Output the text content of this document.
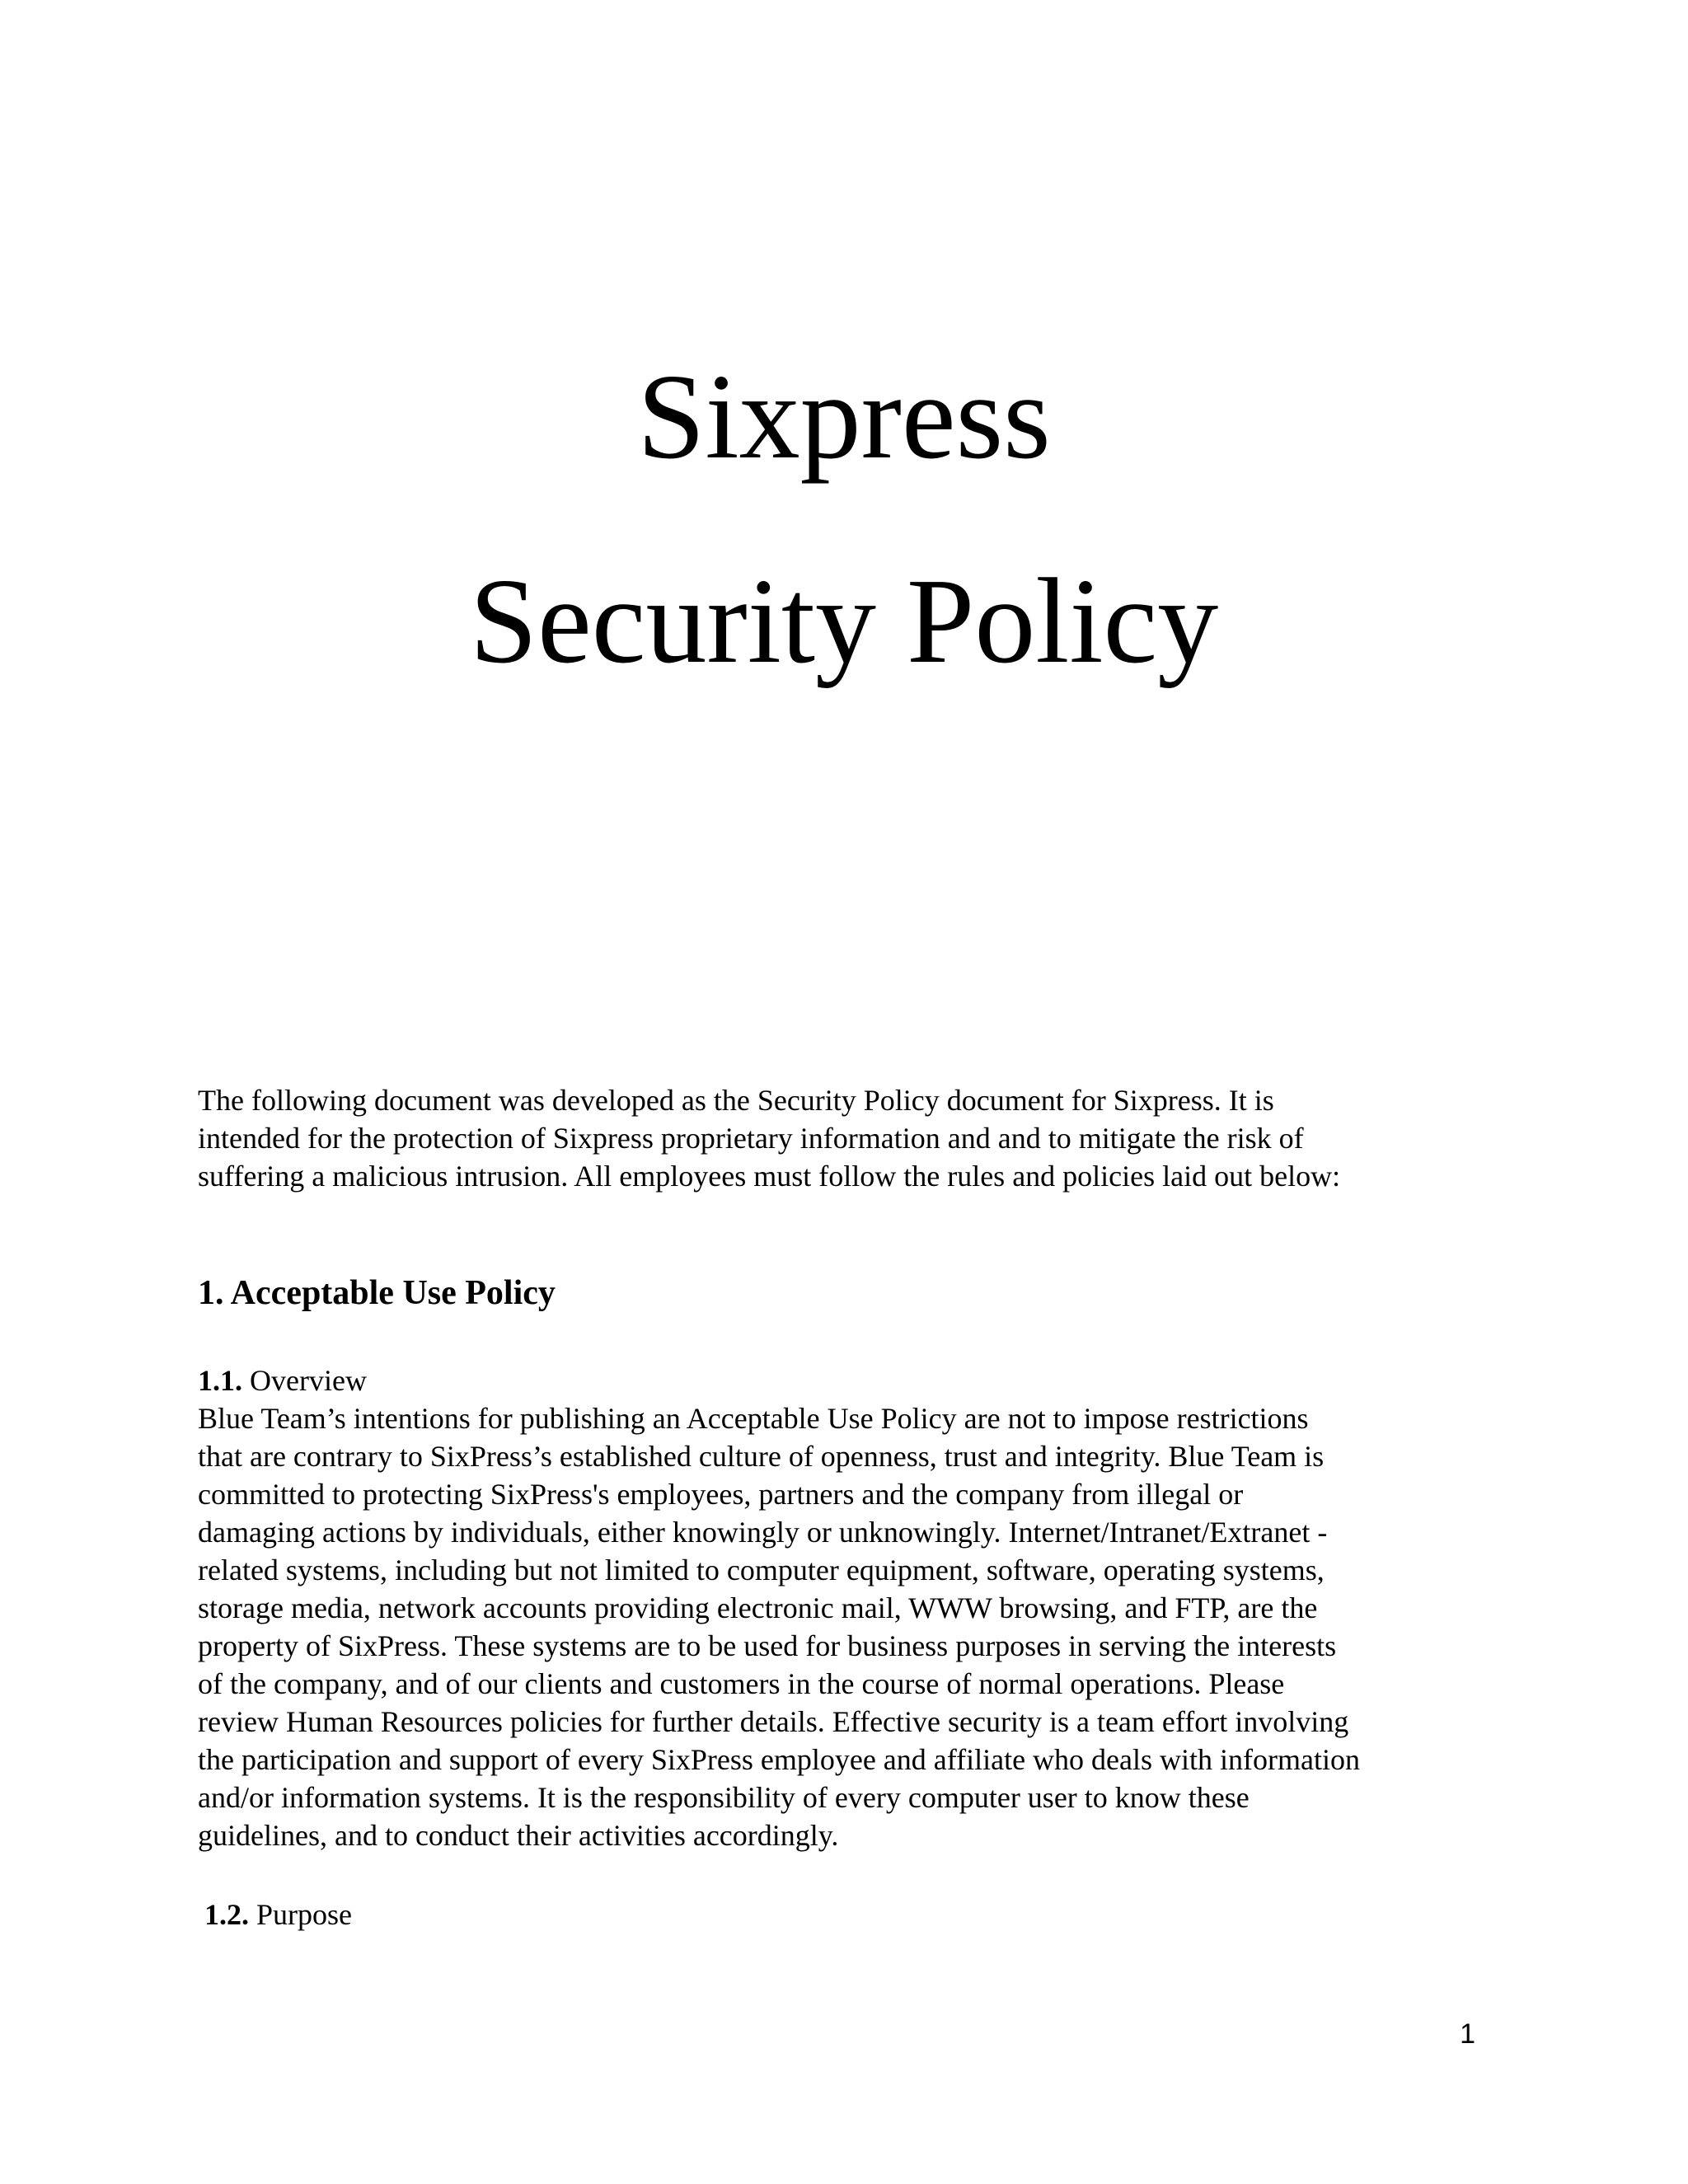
Sixpress
Security Policy
The following document was developed as the Security Policy document for Sixpress. It is
intended for the protection of Sixpress proprietary information and and to mitigate the risk of
suffering a malicious intrusion. All employees must follow the rules and policies laid out below:
1. Acceptable Use Policy
1.1. Overview
Blue Team’s intentions for publishing an Acceptable Use Policy are not to impose restrictions
that are contrary to SixPress’s established culture of openness, trust and integrity. Blue Team is
committed to protecting SixPress's employees, partners and the company from illegal or
damaging actions by individuals, either knowingly or unknowingly. Internet/Intranet/Extranet -
related systems, including but not limited to computer equipment, software, operating systems,
storage media, network accounts providing electronic mail, WWW browsing, and FTP, are the
property of SixPress. These systems are to be used for business purposes in serving the interests
of the company, and of our clients and customers in the course of normal operations. Please
review Human Resources policies for further details. Effective security is a team effort involving
the participation and support of every SixPress employee and affiliate who deals with information
and/or information systems. It is the responsibility of every computer user to know these
guidelines, and to conduct their activities accordingly.
1.2. Purpose
1
